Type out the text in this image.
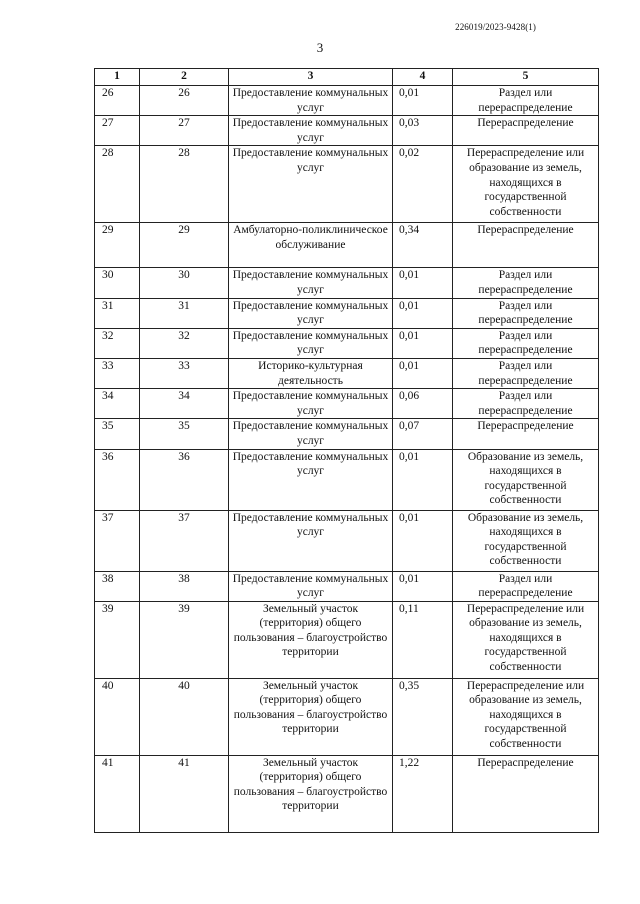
226019/2023-9428(1)
3
1	2	3	4	5
26	26	Предоставление коммунальных услуг	0,01	Раздел или перераспределение
27	27	Предоставление коммунальных услуг	0,03	Перераспределение
28	28	Предоставление коммунальных услуг	0,02	Перераспределение или образование из земель, находящихся в государственной собственности
29	29	Амбулаторно-поликлиническое обслуживание	0,34	Перераспределение
30	30	Предоставление коммунальных услуг	0,01	Раздел или перераспределение
31	31	Предоставление коммунальных услуг	0,01	Раздел или перераспределение
32	32	Предоставление коммунальных услуг	0,01	Раздел или перераспределение
33	33	Историко-культурная деятельность	0,01	Раздел или перераспределение
34	34	Предоставление коммунальных услуг	0,06	Раздел или перераспределение
35	35	Предоставление коммунальных услуг	0,07	Перераспределение
36	36	Предоставление коммунальных услуг	0,01	Образование из земель, находящихся в государственной собственности
37	37	Предоставление коммунальных услуг	0,01	Образование из земель, находящихся в государственной собственности
38	38	Предоставление коммунальных услуг	0,01	Раздел или перераспределение
39	39	Земельный участок (территория) общего пользования – благоустройство территории	0,11	Перераспределение или образование из земель, находящихся в государственной собственности
40	40	Земельный участок (территория) общего пользования – благоустройство территории	0,35	Перераспределение или образование из земель, находящихся в государственной собственности
41	41	Земельный участок (территория) общего пользования – благоустройство территории	1,22	Перераспределение
